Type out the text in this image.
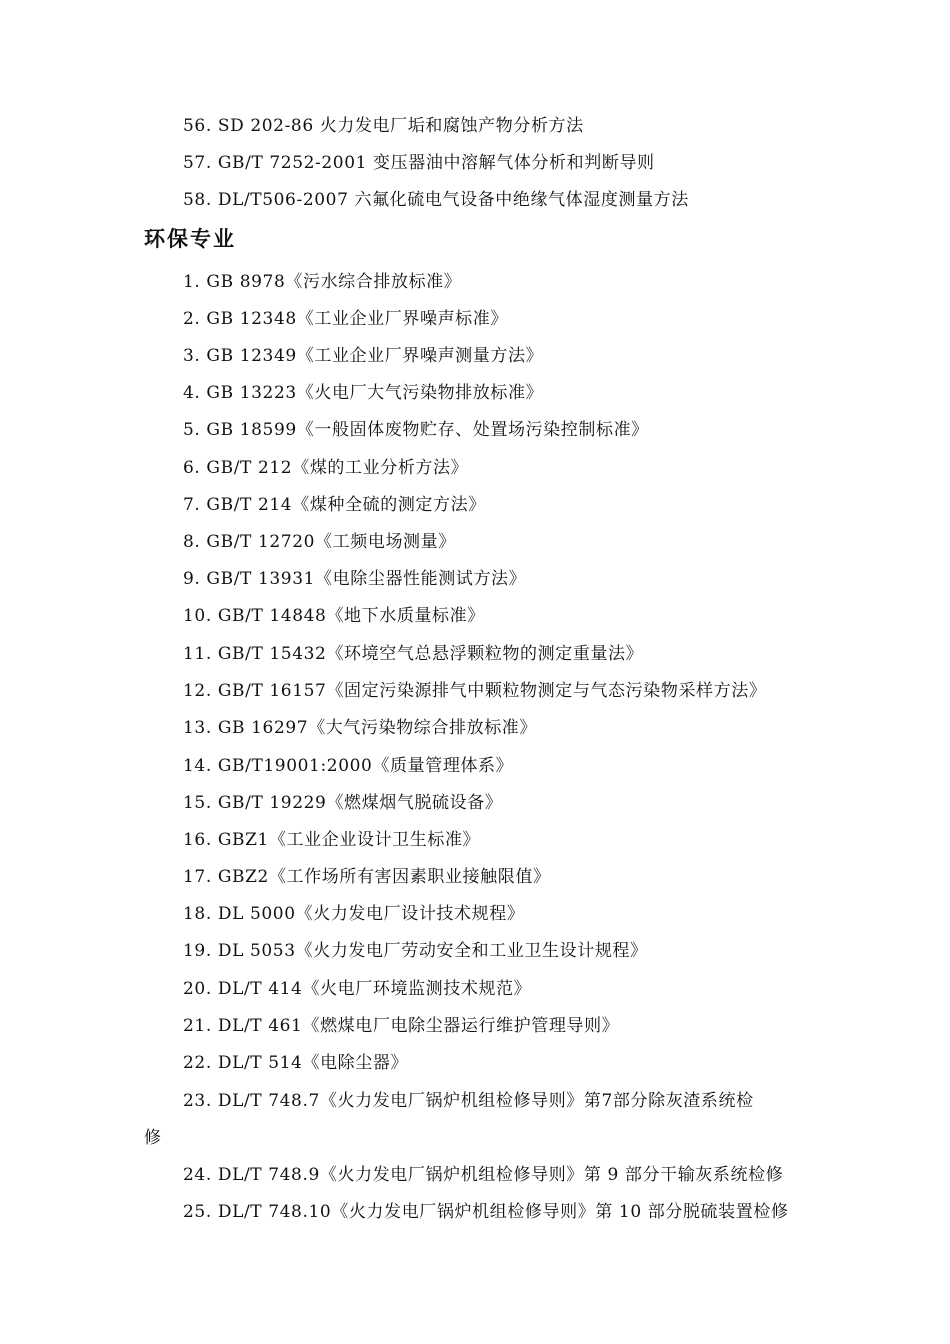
56. SD 202-86 火力发电厂垢和腐蚀产物分析方法
57. GB/T 7252-2001 变压器油中溶解气体分析和判断导则
58. DL/T506-2007 六氟化硫电气设备中绝缘气体湿度测量方法
环保专业
1. GB 8978《污水综合排放标准》
2. GB 12348《工业企业厂界噪声标准》
3. GB 12349《工业企业厂界噪声测量方法》
4. GB 13223《火电厂大气污染物排放标准》
5. GB 18599《一般固体废物贮存、处置场污染控制标准》
6. GB/T 212《煤的工业分析方法》
7. GB/T 214《煤种全硫的测定方法》
8. GB/T 12720《工频电场测量》
9. GB/T 13931《电除尘器性能测试方法》
10. GB/T 14848《地下水质量标准》
11. GB/T 15432《环境空气总悬浮颗粒物的测定重量法》
12. GB/T 16157《固定污染源排气中颗粒物测定与气态污染物采样方法》
13. GB 16297《大气污染物综合排放标准》
14. GB/T19001:2000《质量管理体系》
15. GB/T 19229《燃煤烟气脱硫设备》
16. GBZ1《工业企业设计卫生标准》
17. GBZ2《工作场所有害因素职业接触限值》
18. DL 5000《火力发电厂设计技术规程》
19. DL 5053《火力发电厂劳动安全和工业卫生设计规程》
20. DL/T 414《火电厂环境监测技术规范》
21. DL/T 461《燃煤电厂电除尘器运行维护管理导则》
22. DL/T 514《电除尘器》
23. DL/T 748.7《火力发电厂锅炉机组检修导则》第7部分除灰渣系统检
修
24. DL/T 748.9《火力发电厂锅炉机组检修导则》第 9 部分干输灰系统检修
25. DL/T 748.10《火力发电厂锅炉机组检修导则》第 10 部分脱硫装置检修
